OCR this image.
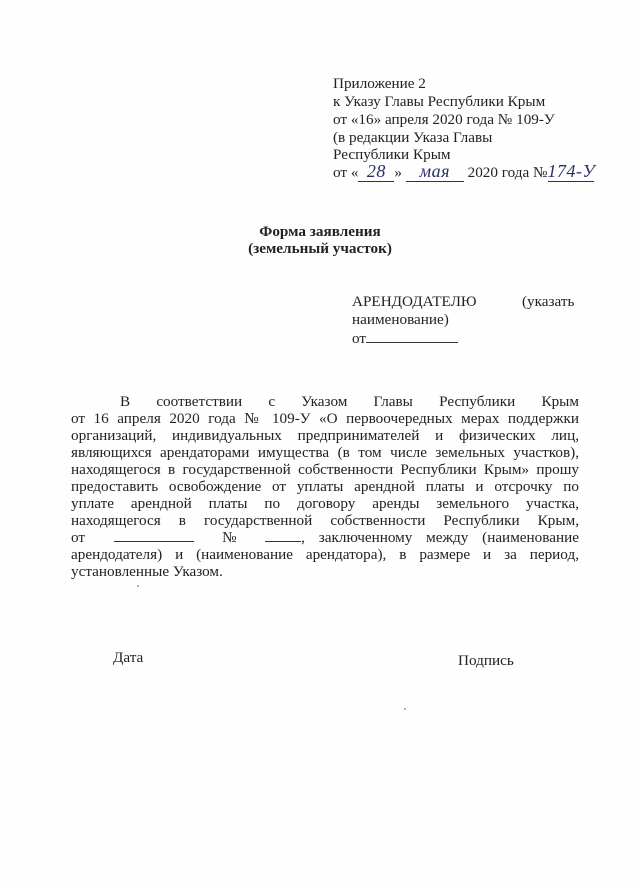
Приложение 2
к Указу Главы Республики Крым
от «16» апреля 2020 года № 109-У
(в редакции Указа Главы
Республики Крым
от « 28 » мая 2020 года №174-У
Форма заявления
(земельный участок)
АРЕНДОДАТЕЛЮ	(указать
наименование)
от
В соответствии с Указом Главы Республики Крым
от 16 апреля 2020 года № 109-У «О первоочередных мерах поддержки
организаций, индивидуальных предпринимателей и физических лиц,
являющихся арендаторами имущества (в том числе земельных участков),
находящегося в государственной собственности Республики Крым» прошу
предоставить освобождение от уплаты арендной платы и отсрочку по
уплате арендной платы по договору аренды земельного участка,
находящегося в государственной собственности Республики Крым,
от	№	, заключенному между (наименование
арендодателя) и (наименование арендатора), в размере и за период,
установленные Указом.
Дата	Подпись
